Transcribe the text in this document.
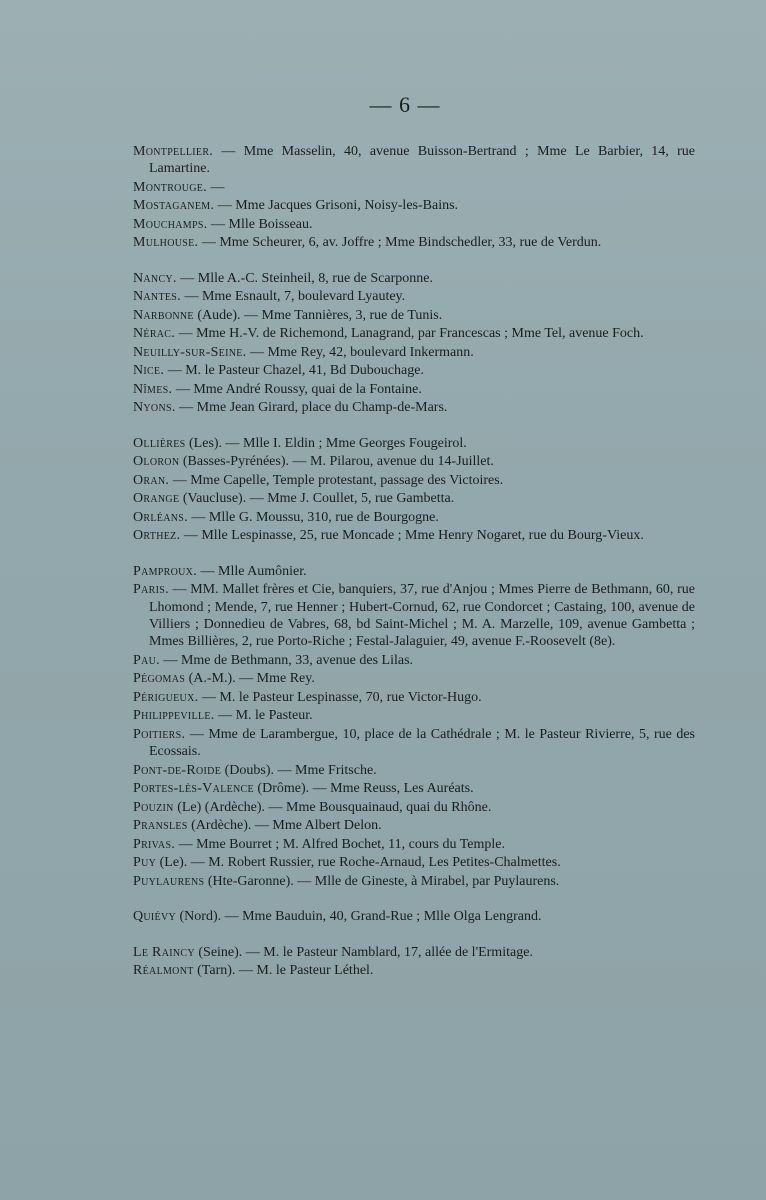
— 6 —

Montpellier. — Mme Masselin, 40, avenue Buisson-Bertrand ; Mme Le Barbier, 14, rue Lamartine.

Montrouge. —

Mostaganem. — Mme Jacques Grisoni, Noisy-les-Bains.

Mouchamps. — Mlle Boisseau.

Mulhouse. — Mme Scheurer, 6, av. Joffre ; Mme Bindschedler, 33, rue de Verdun.

Nancy. — Mlle A.-C. Steinheil, 8, rue de Scarponne.

Nantes. — Mme Esnault, 7, boulevard Lyautey.

Narbonne (Aude). — Mme Tannières, 3, rue de Tunis.

Nérac. — Mme H.-V. de Richemond, Lanagrand, par Francescas ; Mme Tel, avenue Foch.

Neuilly-sur-Seine. — Mme Rey, 42, boulevard Inkermann.

Nice. — M. le Pasteur Chazel, 41, Bd Dubouchage.

Nîmes. — Mme André Roussy, quai de la Fontaine.

Nyons. — Mme Jean Girard, place du Champ-de-Mars.

Ollières (Les). — Mlle I. Eldin ; Mme Georges Fougeirol.

Oloron (Basses-Pyrénées). — M. Pilarou, avenue du 14-Juillet.

Oran. — Mme Capelle, Temple protestant, passage des Victoires.

Orange (Vaucluse). — Mme J. Coullet, 5, rue Gambetta.

Orléans. — Mlle G. Moussu, 310, rue de Bourgogne.

Orthez. — Mlle Lespinasse, 25, rue Moncade ; Mme Henry Nogaret, rue du Bourg-Vieux.

Pamproux. — Mlle Aumônier.

Paris. — MM. Mallet frères et Cie, banquiers, 37, rue d'Anjou ; Mmes Pierre de Bethmann, 60, rue Lhomond ; Mende, 7, rue Henner ; Hubert-Cornud, 62, rue Condorcet ; Castaing, 100, avenue de Villiers ; Donnedieu de Vabres, 68, bd Saint-Michel ; M. A. Marzelle, 109, avenue Gambetta ; Mmes Billières, 2, rue Porto-Riche ; Festal-Jalaguier, 49, avenue F.-Roosevelt (8e).

Pau. — Mme de Bethmann, 33, avenue des Lilas.

Pégomas (A.-M.). — Mme Rey.

Périgueux. — M. le Pasteur Lespinasse, 70, rue Victor-Hugo.

Philippeville. — M. le Pasteur.

Poitiers. — Mme de Larambergue, 10, place de la Cathédrale ; M. le Pasteur Rivierre, 5, rue des Ecossais.

Pont-de-Roide (Doubs). — Mme Fritsche.

Portes-lès-Valence (Drôme). — Mme Reuss, Les Auréats.

Pouzin (Le) (Ardèche). — Mme Bousquainaud, quai du Rhône.

Pransles (Ardèche). — Mme Albert Delon.

Privas. — Mme Bourret ; M. Alfred Bochet, 11, cours du Temple.

Puy (Le). — M. Robert Russier, rue Roche-Arnaud, Les Petites-Chalmettes.

Puylaurens (Hte-Garonne). — Mlle de Gineste, à Mirabel, par Puylaurens.

Quiévy (Nord). — Mme Bauduin, 40, Grand-Rue ; Mlle Olga Lengrand.

Le Raincy (Seine). — M. le Pasteur Namblard, 17, allée de l'Ermitage.

Réalmont (Tarn). — M. le Pasteur Léthel.
